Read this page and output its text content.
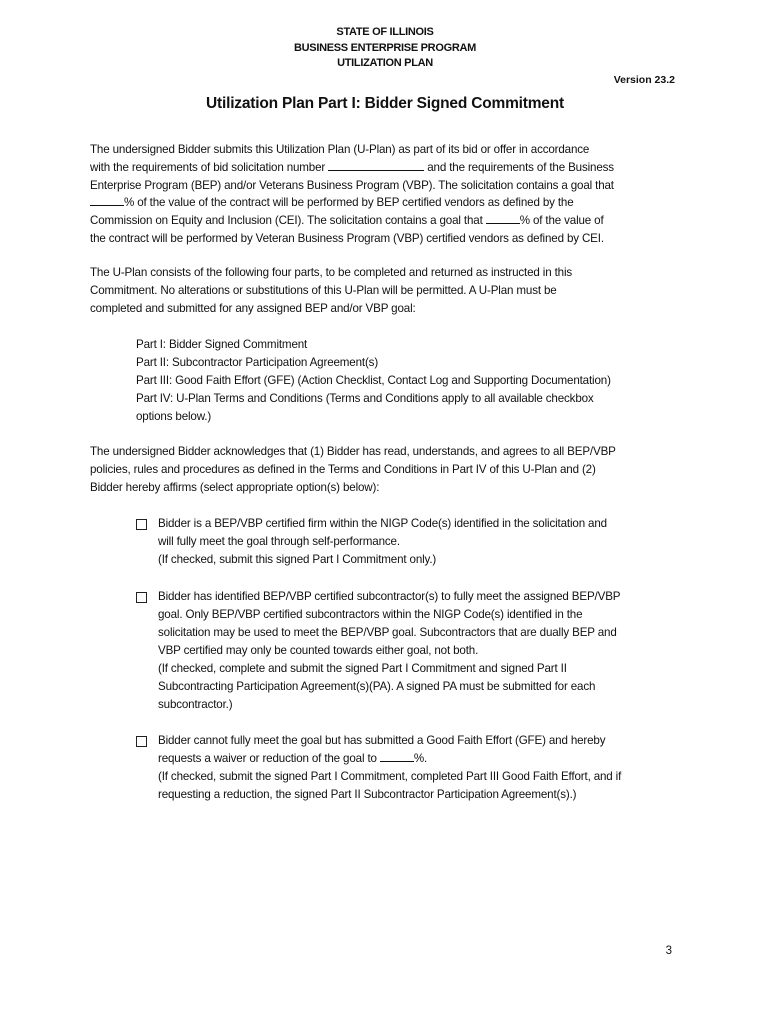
STATE OF ILLINOIS
BUSINESS ENTERPRISE PROGRAM
UTILIZATION PLAN
Version 23.2
Utilization Plan Part I: Bidder Signed Commitment
The undersigned Bidder submits this Utilization Plan (U-Plan) as part of its bid or offer in accordance
with the requirements of bid solicitation number	and the requirements of the Business
Enterprise Program (BEP) and/or Veterans Business Program (VBP). The solicitation contains a goal that
% of the value of the contract will be performed by BEP certified vendors as defined by the
Commission on Equity and Inclusion (CEI). The solicitation contains a goal that	% of the value of
the contract will be performed by Veteran Business Program (VBP) certified vendors as defined by CEI.
The U-Plan consists of the following four parts, to be completed and returned as instructed in this
Commitment. No alterations or substitutions of this U-Plan will be permitted. A U-Plan must be
completed and submitted for any assigned BEP and/or VBP goal:
Part I: Bidder Signed Commitment
Part II: Subcontractor Participation Agreement(s)
Part III: Good Faith Effort (GFE) (Action Checklist, Contact Log and Supporting Documentation)
Part IV: U-Plan Terms and Conditions (Terms and Conditions apply to all available checkbox
options below.)
The undersigned Bidder acknowledges that (1) Bidder has read, understands, and agrees to all BEP/VBP
policies, rules and procedures as defined in the Terms and Conditions in Part IV of this U-Plan and (2)
Bidder hereby affirms (select appropriate option(s) below):
Bidder is a BEP/VBP certified firm within the NIGP Code(s) identified in the solicitation and
will fully meet the goal through self-performance.
(If checked, submit this signed Part I Commitment only.)
Bidder has identified BEP/VBP certified subcontractor(s) to fully meet the assigned BEP/VBP
goal. Only BEP/VBP certified subcontractors within the NIGP Code(s) identified in the
solicitation may be used to meet the BEP/VBP goal. Subcontractors that are dually BEP and
VBP certified may only be counted towards either goal, not both.
(If checked, complete and submit the signed Part I Commitment and signed Part II
Subcontracting Participation Agreement(s)(PA). A signed PA must be submitted for each
subcontractor.)
Bidder cannot fully meet the goal but has submitted a Good Faith Effort (GFE) and hereby
requests a waiver or reduction of the goal to	%.
(If checked, submit the signed Part I Commitment, completed Part III Good Faith Effort, and if
requesting a reduction, the signed Part II Subcontractor Participation Agreement(s).)
3
